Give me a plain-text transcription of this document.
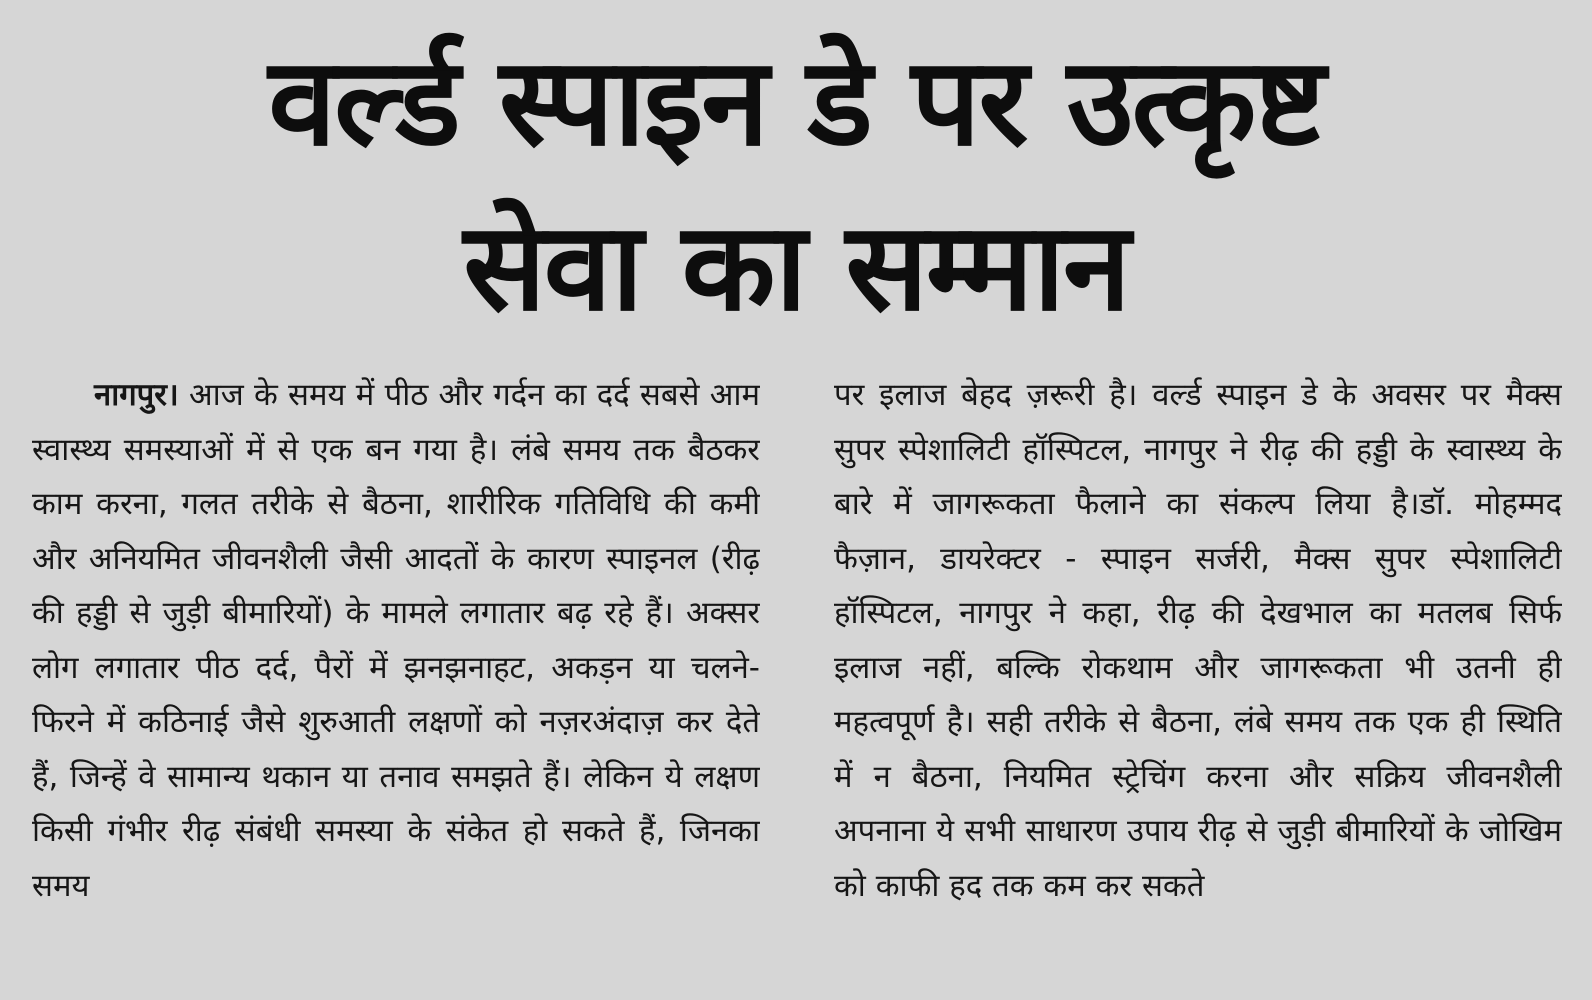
वर्ल्ड स्पाइन डे पर उत्कृष्ट
सेवा का सम्मान

नागपुर। आज के समय में पीठ और गर्दन का दर्द सबसे आम स्वास्थ्य समस्याओं में से एक बन गया है। लंबे समय तक बैठकर काम करना, गलत तरीके से बैठना, शारीरिक गतिविधि की कमी और अनियमित जीवनशैली जैसी आदतों के कारण स्पाइनल (रीढ़ की हड्डी से जुड़ी बीमारियों) के मामले लगातार बढ़ रहे हैं। अक्सर लोग लगातार पीठ दर्द, पैरों में झनझनाहट, अकड़न या चलने-फिरने में कठिनाई जैसे शुरुआती लक्षणों को नज़रअंदाज़ कर देते हैं, जिन्हें वे सामान्य थकान या तनाव समझते हैं। लेकिन ये लक्षण किसी गंभीर रीढ़ संबंधी समस्या के संकेत हो सकते हैं, जिनका समय

पर इलाज बेहद ज़रूरी है। वर्ल्ड स्पाइन डे के अवसर पर मैक्स सुपर स्पेशालिटी हॉस्पिटल, नागपुर ने रीढ़ की हड्डी के स्वास्थ्य के बारे में जागरूकता फैलाने का संकल्प लिया है।डॉ. मोहम्मद फैज़ान, डायरेक्टर - स्पाइन सर्जरी, मैक्स सुपर स्पेशालिटी हॉस्पिटल, नागपुर ने कहा, रीढ़ की देखभाल का मतलब सिर्फ इलाज नहीं, बल्कि रोकथाम और जागरूकता भी उतनी ही महत्वपूर्ण है। सही तरीके से बैठना, लंबे समय तक एक ही स्थिति में न बैठना, नियमित स्ट्रेचिंग करना और सक्रिय जीवनशैली अपनाना ये सभी साधारण उपाय रीढ़ से जुड़ी बीमारियों के जोखिम को काफी हद तक कम कर सकते
